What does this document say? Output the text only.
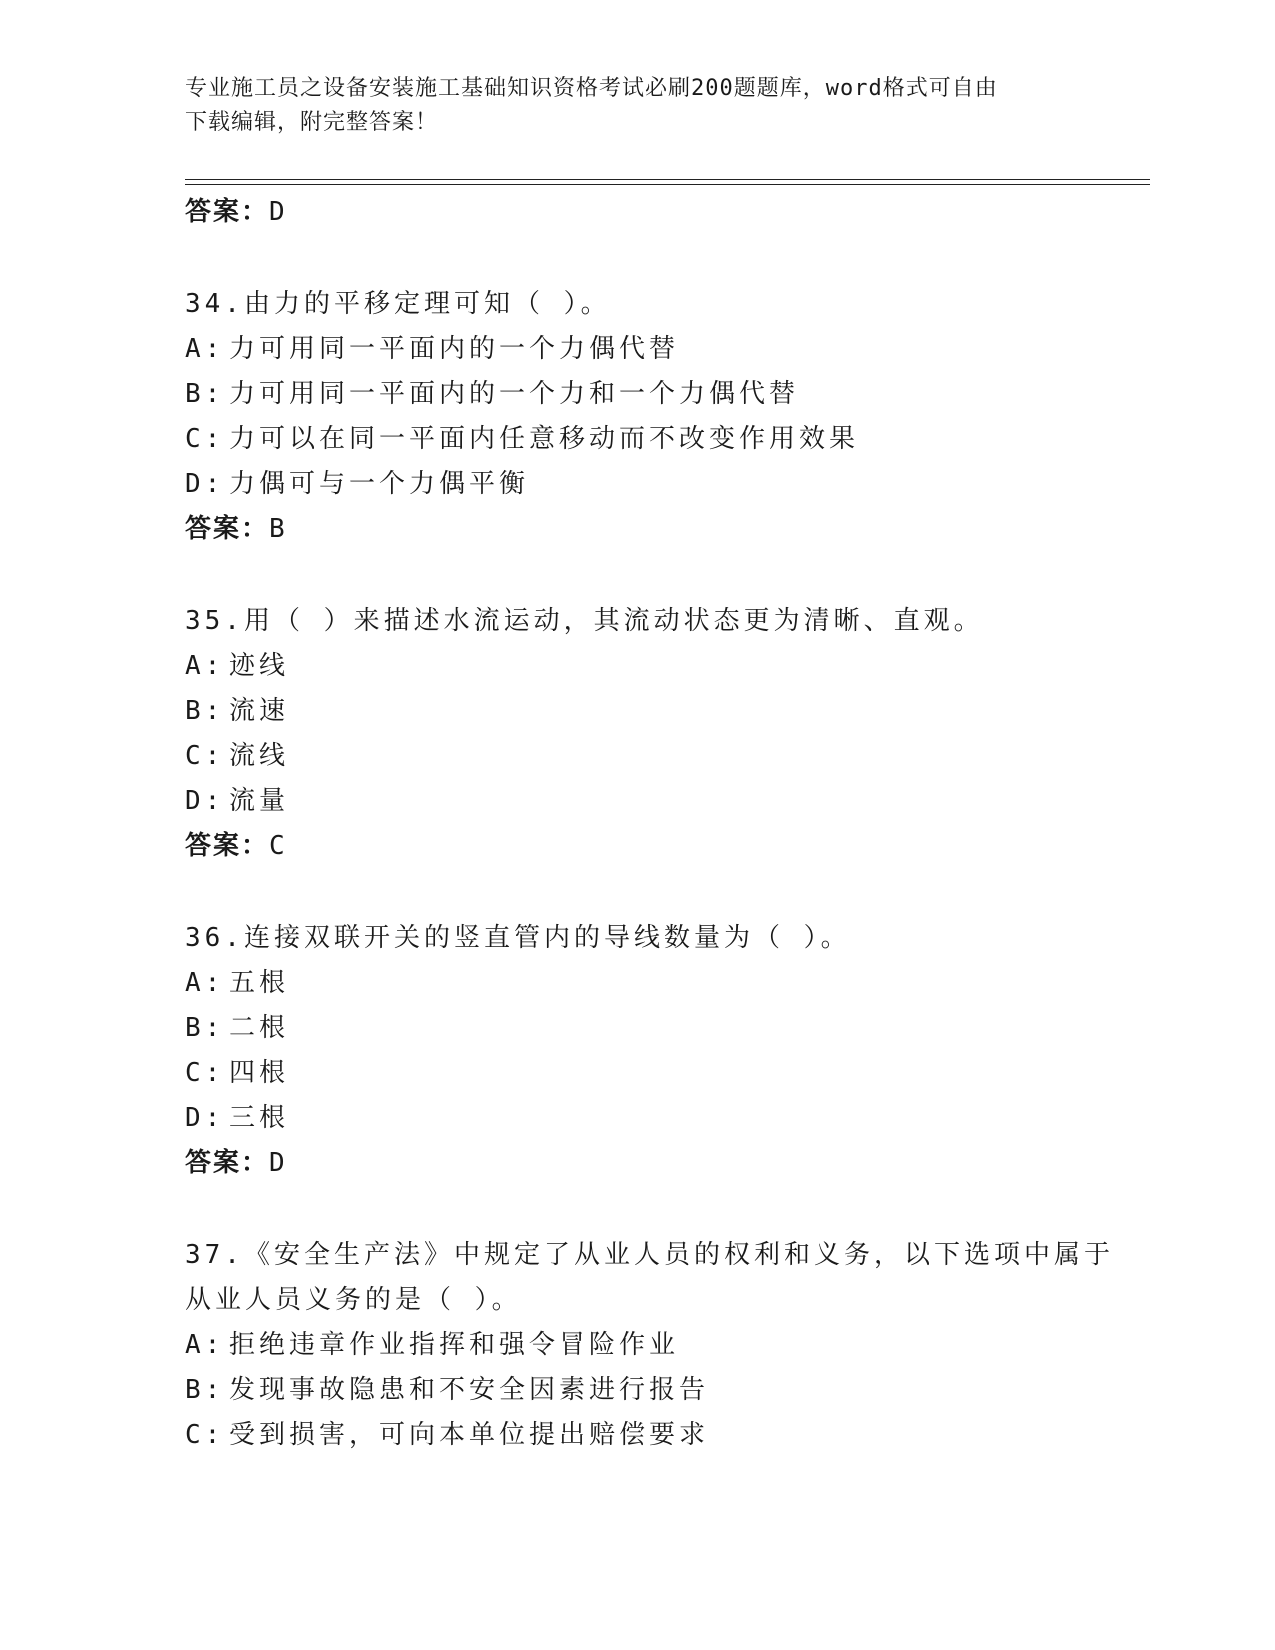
专业施工员之设备安装施工基础知识资格考试必刷200题题库，word格式可自由
下载编辑，附完整答案！
答案：D
34.由力的平移定理可知（ ）。
A: 力可用同一平面内的一个力偶代替
B: 力可用同一平面内的一个力和一个力偶代替
C: 力可以在同一平面内任意移动而不改变作用效果
D: 力偶可与一个力偶平衡
答案：B
35.用（ ）来描述水流运动，其流动状态更为清晰、直观。
A: 迹线
B: 流速
C: 流线
D: 流量
答案：C
36.连接双联开关的竖直管内的导线数量为（ ）。
A: 五根
B: 二根
C: 四根
D: 三根
答案：D
37.《安全生产法》中规定了从业人员的权利和义务，以下选项中属于
从业人员义务的是（ ）。
A: 拒绝违章作业指挥和强令冒险作业
B: 发现事故隐患和不安全因素进行报告
C: 受到损害，可向本单位提出赔偿要求
